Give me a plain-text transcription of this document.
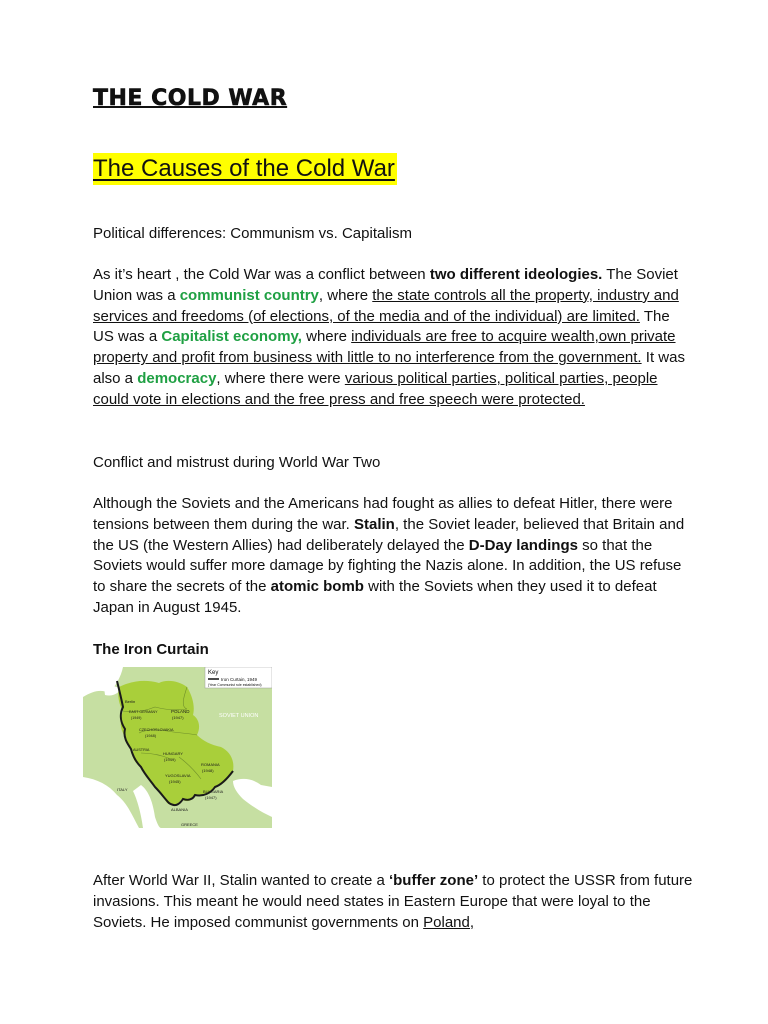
THE COLD WAR
The Causes of the Cold War
Political differences: Communism vs. Capitalism
As it’s heart , the Cold War was a conflict between two different ideologies. The Soviet Union was a communist country, where the state controls all the property, industry and services and freedoms (of elections, of the media and of the individual) are limited. The US was a Capitalist economy, where individuals are free to acquire wealth,own private property and profit from business with little to no interference from the government. It was also a democracy, where there were various political parties, political parties, people could vote in elections and the free press and free speech were protected.
Conflict and mistrust during World War Two
Although the Soviets and the Americans had fought as allies to defeat Hitler, there were tensions between them during the war. Stalin, the Soviet leader, believed that Britain and the US (the Western Allies) had deliberately delayed the D-Day landings so that the Soviets would suffer more damage by fighting the Nazis alone. In addition, the US refuse to share the secrets of the atomic bomb with the Soviets when they used it to defeat Japan in August 1945.
The Iron Curtain
Key
Iron Curtain, 1949
(Year Communist rule established)
SOVIET UNION
POLAND
(1947)
EAST GERMANY
(1949)
Berlin
CZECHOSLOVAKIA
(1948)
AUSTRIA
HUNGARY
(1949)
ROMANIA
(1948)
YUGOSLAVIA
(1945)
BULGARIA
(1947)
ALBANIA
ITALY
GREECE
After World War II, Stalin wanted to create a ‘buffer zone’ to protect the USSR from future invasions. This meant he would need states in Eastern Europe that were loyal to the Soviets. He imposed communist governments on Poland,
